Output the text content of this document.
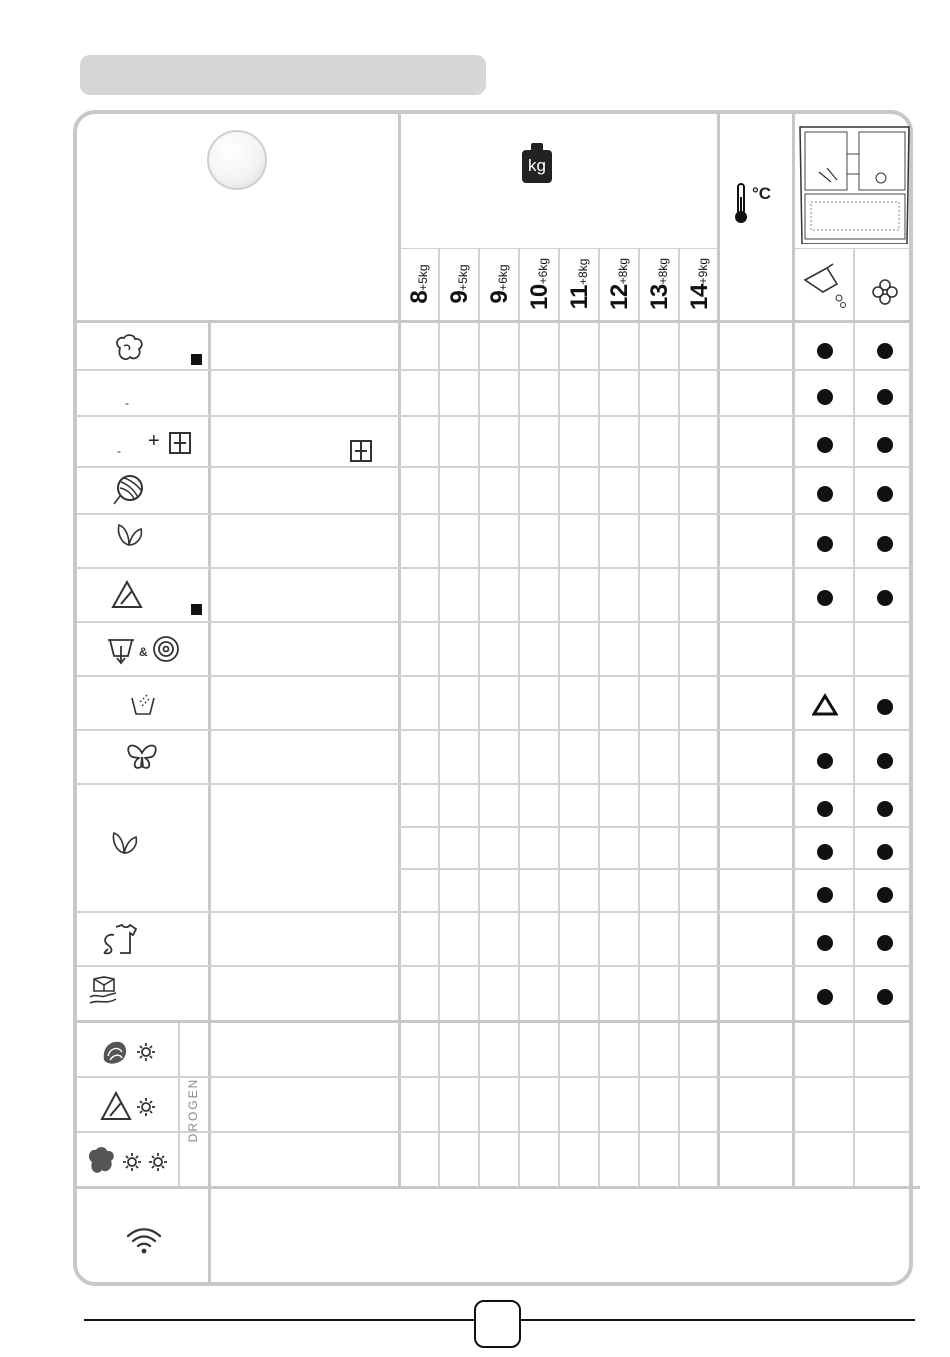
kg
°C
8+5kg
9+5kg
9+6kg
10+6kg
11+8kg
12+8kg
13+8kg
14+9kg
-
- +
&
DROGEN
